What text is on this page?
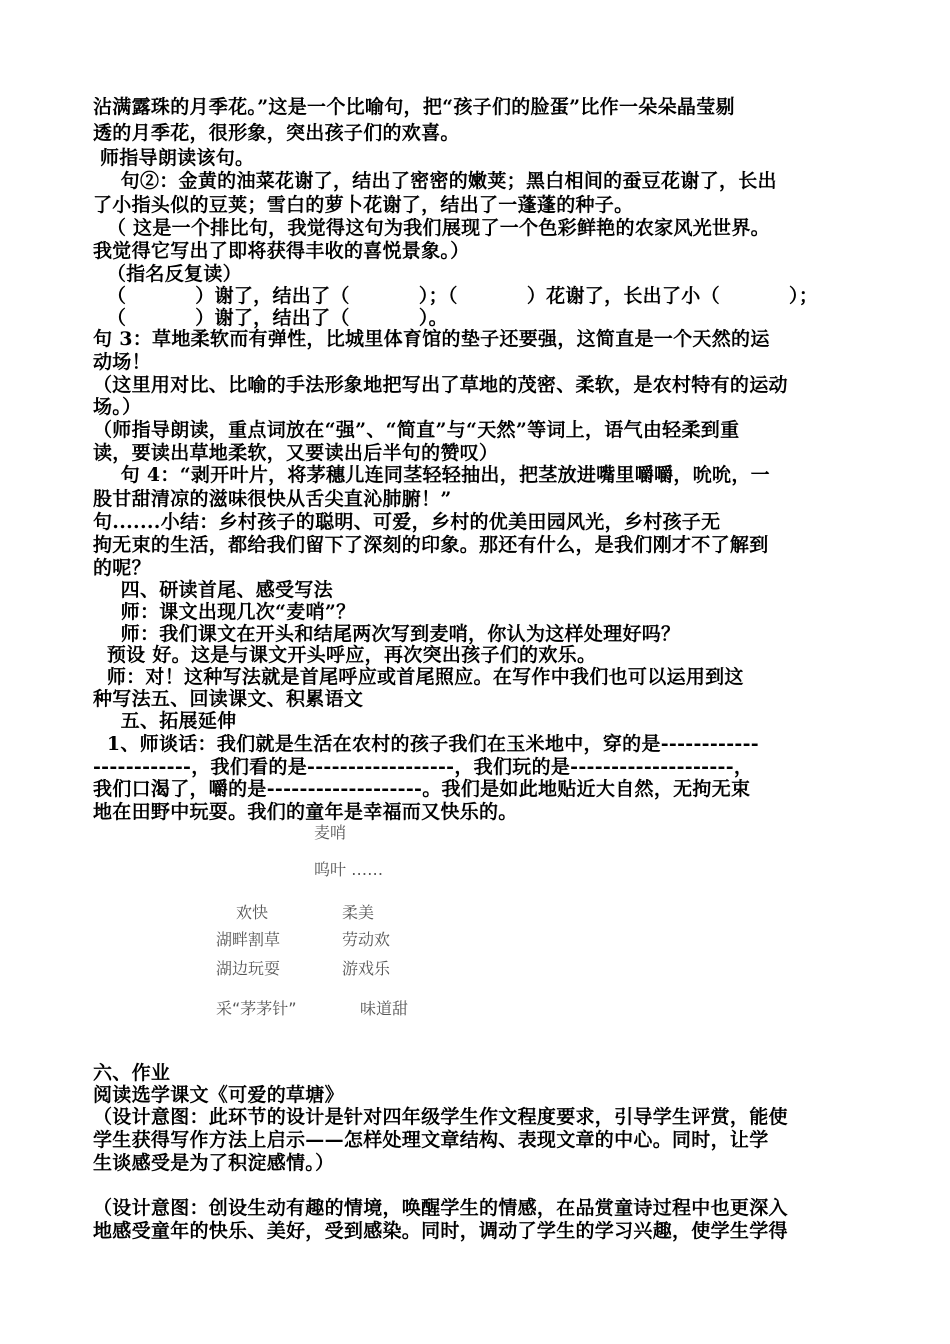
沾满露珠的月季花。”这是一个比喻句，把“孩子们的脸蛋”比作一朵朵晶莹剔
透的月季花，很形象，突出孩子们的欢喜。
师指导朗读该句。
句②：金黄的油菜花谢了，结出了密密的嫩荚；黑白相间的蚕豆花谢了，长出
了小指头似的豆荚；雪白的萝卜花谢了，结出了一蓬蓬的种子。
（ 这是一个排比句，我觉得这句为我们展现了一个色彩鲜艳的农家风光世界。
我觉得它写出了即将获得丰收的喜悦景象。）
（指名反复读）
（          ）谢了，结出了（          ）；（          ）花谢了，长出了小（          ）；
（          ）谢了，结出了（          ）。
句 3：草地柔软而有弹性，比城里体育馆的垫子还要强，这简直是一个天然的运
动场！
（这里用对比、比喻的手法形象地把写出了草地的茂密、柔软，是农村特有的运动
场。）
（师指导朗读，重点词放在“强”、“简直”与“天然”等词上，语气由轻柔到重
读，要读出草地柔软，又要读出后半句的赞叹）
句 4：“剥开叶片，将茅穗儿连同茎轻轻抽出，把茎放进嘴里嚼嚼，吮吮，一
股甘甜清凉的滋味很快从舌尖直沁肺腑！”
句.......小结：乡村孩子的聪明、可爱，乡村的优美田园风光，乡村孩子无
拘无束的生活，都给我们留下了深刻的印象。那还有什么，是我们刚才不了解到
的呢？
四、研读首尾、感受写法
师：课文出现几次“麦哨”？
师：我们课文在开头和结尾两次写到麦哨，你认为这样处理好吗？
预设 好。这是与课文开头呼应，再次突出孩子们的欢乐。
师：对！这种写法就是首尾呼应或首尾照应。在写作中我们也可以运用到这
种写法五、回读课文、积累语文
五、拓展延伸
1、师谈话：我们就是生活在农村的孩子我们在玉米地中，穿的是------------
------------，我们看的是------------------，我们玩的是--------------------，
我们口渴了，嚼的是-------------------。我们是如此地贴近大自然，无拘无束
地在田野中玩耍。我们的童年是幸福而又快乐的。
麦哨
呜叶 ……
欢快	柔美
湖畔割草	劳动欢
湖边玩耍	游戏乐
采“茅茅针”	味道甜
六、作业
阅读选学课文《可爱的草塘》
（设计意图：此环节的设计是针对四年级学生作文程度要求，引导学生评赏，能使
学生获得写作方法上启示——怎样处理文章结构、表现文章的中心。同时，让学
生谈感受是为了积淀感情。）
（设计意图：创设生动有趣的情境，唤醒学生的情感，在品赏童诗过程中也更深入
地感受童年的快乐、美好，受到感染。同时，调动了学生的学习兴趣，使学生学得
